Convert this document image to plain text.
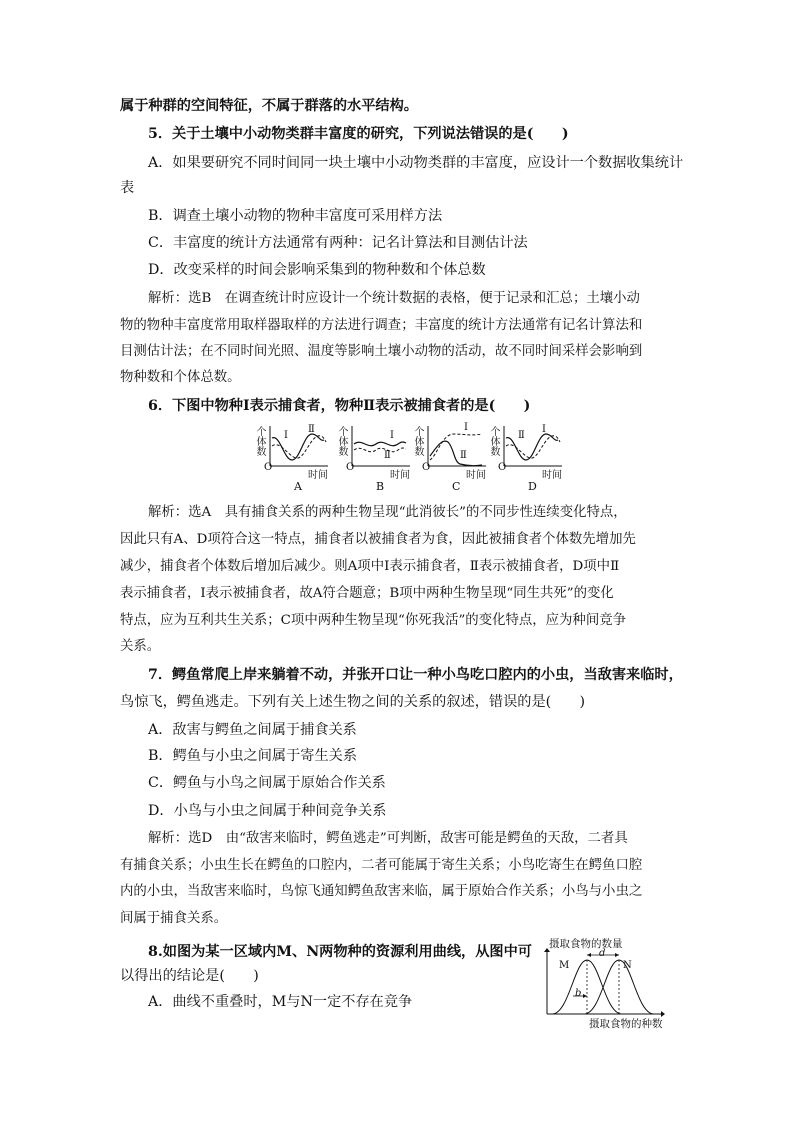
属于种群的空间特征，不属于群落的水平结构。
5．关于土壤中小动物类群丰富度的研究，下列说法错误的是(　　)
A．如果要研究不同时间同一块土壤中小动物类群的丰富度，应设计一个数据收集统计
表
B．调查土壤小动物的物种丰富度可采用样方法
C．丰富度的统计方法通常有两种：记名计算法和目测估计法
D．改变采样的时间会影响采集到的物种数和个体总数
解析：选B　在调查统计时应设计一个统计数据的表格，便于记录和汇总；土壤小动
物的物种丰富度常用取样器取样的方法进行调查；丰富度的统计方法通常有记名计算法和
目测估计法；在不同时间光照、温度等影响土壤小动物的活动，故不同时间采样会影响到
物种数和个体总数。
6．下图中物种Ⅰ表示捕食者，物种Ⅱ表示被捕食者的是(　　)
个体数
O
时间
Ⅰ
Ⅱ
A
个体数
O
时间
Ⅰ
Ⅱ
B
个体数
O
时间
Ⅰ
Ⅱ
C
个体数
O
时间
Ⅱ
Ⅰ
D
解析：选A　具有捕食关系的两种生物呈现“此消彼长”的不同步性连续变化特点，
因此只有A、D项符合这一特点，捕食者以被捕食者为食，因此被捕食者个体数先增加先
减少，捕食者个体数后增加后减少。则A项中Ⅰ表示捕食者，Ⅱ表示被捕食者，D项中Ⅱ
表示捕食者，Ⅰ表示被捕食者，故A符合题意；B项中两种生物呈现“同生共死”的变化
特点，应为互利共生关系；C项中两种生物呈现“你死我活”的变化特点，应为种间竞争
关系。
7．鳄鱼常爬上岸来躺着不动，并张开口让一种小鸟吃口腔内的小虫，当敌害来临时，
鸟惊飞，鳄鱼逃走。下列有关上述生物之间的关系的叙述，错误的是(　　)
A．敌害与鳄鱼之间属于捕食关系
B．鳄鱼与小虫之间属于寄生关系
C．鳄鱼与小鸟之间属于原始合作关系
D．小鸟与小虫之间属于种间竞争关系
解析：选D　由“敌害来临时，鳄鱼逃走”可判断，敌害可能是鳄鱼的天敌，二者具
有捕食关系；小虫生长在鳄鱼的口腔内，二者可能属于寄生关系；小鸟吃寄生在鳄鱼口腔
内的小虫，当敌害来临时，鸟惊飞通知鳄鱼敌害来临，属于原始合作关系；小鸟与小虫之
间属于捕食关系。
8.如图为某一区域内M、N两物种的资源利用曲线，从图中可
以得出的结论是(　　)
A．曲线不重叠时，M与N一定不存在竞争
摄取食物的数量
M	N
d
b
摄取食物的种数
